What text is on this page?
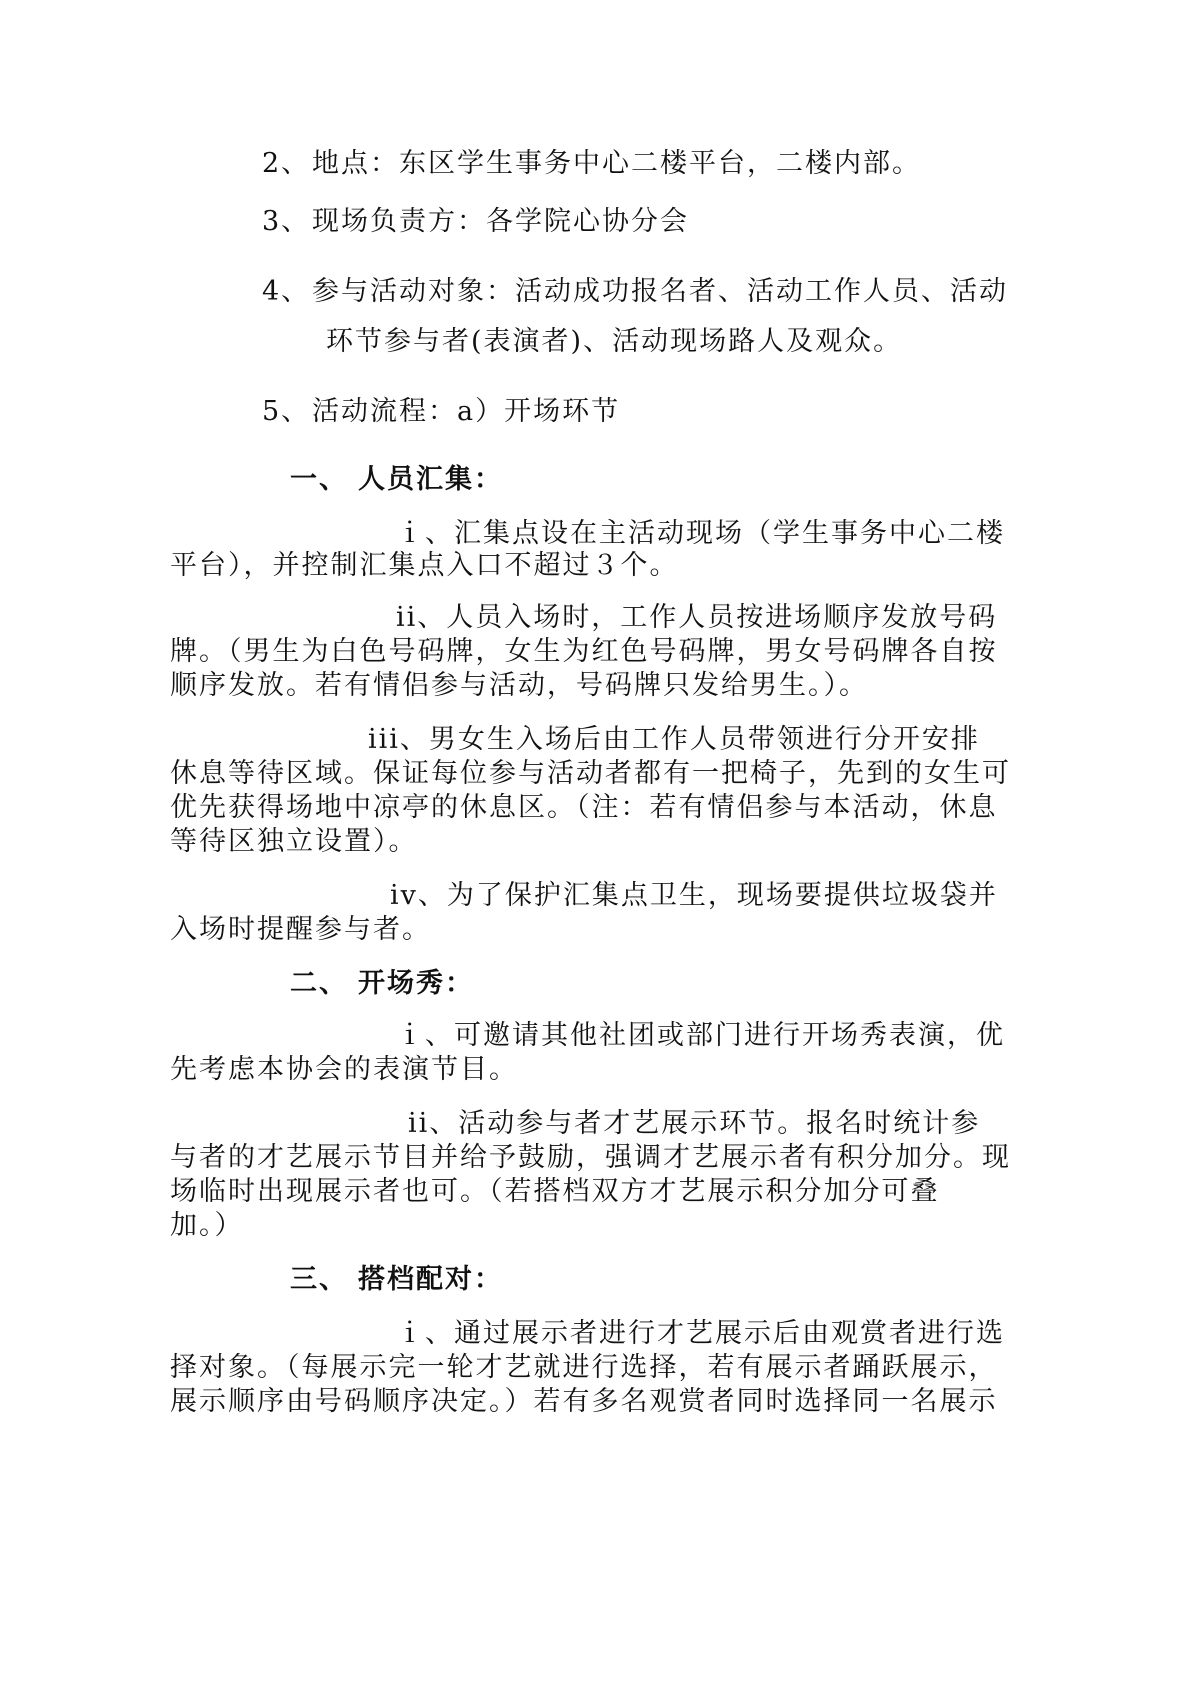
2、地点：东区学生事务中心二楼平台，二楼内部。
3、现场负责方：各学院心协分会
4、参与活动对象：活动成功报名者、活动工作人员、活动
环节参与者(表演者)、活动现场路人及观众。
5、活动流程：a）开场环节
一、 人员汇集：
ｉ、汇集点设在主活动现场（学生事务中心二楼
平台），并控制汇集点入口不超过３个。
ii、人员入场时，工作人员按进场顺序发放号码
牌。（男生为白色号码牌，女生为红色号码牌，男女号码牌各自按
顺序发放。若有情侣参与活动，号码牌只发给男生。）。
iii、男女生入场后由工作人员带领进行分开安排
休息等待区域。保证每位参与活动者都有一把椅子，先到的女生可
优先获得场地中凉亭的休息区。（注：若有情侣参与本活动，休息
等待区独立设置）。
iv、为了保护汇集点卫生，现场要提供垃圾袋并
入场时提醒参与者。
二、 开场秀：
ｉ、可邀请其他社团或部门进行开场秀表演，优
先考虑本协会的表演节目。
ii、活动参与者才艺展示环节。报名时统计参
与者的才艺展示节目并给予鼓励，强调才艺展示者有积分加分。现
场临时出现展示者也可。（若搭档双方才艺展示积分加分可叠
加。）
三、 搭档配对：
ｉ、通过展示者进行才艺展示后由观赏者进行选
择对象。（每展示完一轮才艺就进行选择，若有展示者踊跃展示，
展示顺序由号码顺序决定。）若有多名观赏者同时选择同一名展示
